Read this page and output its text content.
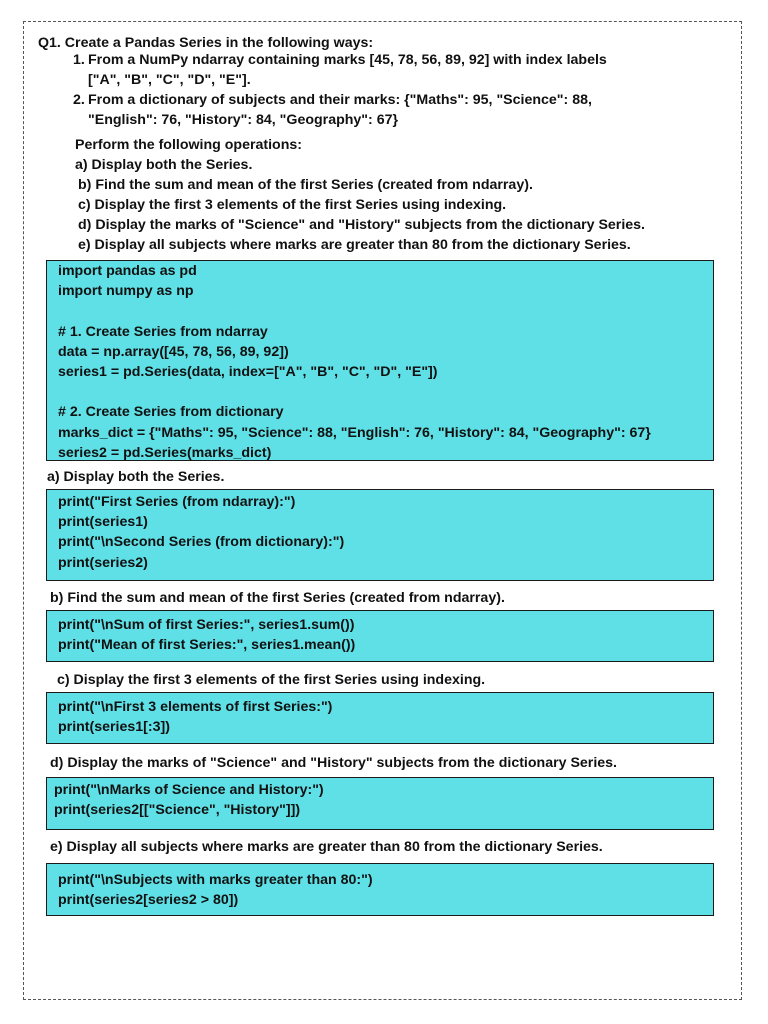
Q1. Create a Pandas Series in the following ways:
1. From a NumPy ndarray containing marks [45, 78, 56, 89, 92] with index labels
["A", "B", "C", "D", "E"].
2. From a dictionary of subjects and their marks: {"Maths": 95, "Science": 88,
"English": 76, "History": 84, "Geography": 67}
Perform the following operations:
a) Display both the Series.
b) Find the sum and mean of the first Series (created from ndarray).
c) Display the first 3 elements of the first Series using indexing.
d) Display the marks of "Science" and "History" subjects from the dictionary Series.
e) Display all subjects where marks are greater than 80 from the dictionary Series.
import pandas as pd
import numpy as np
# 1. Create Series from ndarray
data = np.array([45, 78, 56, 89, 92])
series1 = pd.Series(data, index=["A", "B", "C", "D", "E"])
# 2. Create Series from dictionary
marks_dict = {"Maths": 95, "Science": 88, "English": 76, "History": 84, "Geography": 67}
series2 = pd.Series(marks_dict)
a) Display both the Series.
print("First Series (from ndarray):")
print(series1)
print("\nSecond Series (from dictionary):")
print(series2)
b) Find the sum and mean of the first Series (created from ndarray).
print("\nSum of first Series:", series1.sum())
print("Mean of first Series:", series1.mean())
c) Display the first 3 elements of the first Series using indexing.
print("\nFirst 3 elements of first Series:")
print(series1[:3])
d) Display the marks of "Science" and "History" subjects from the dictionary Series.
print("\nMarks of Science and History:")
print(series2[["Science", "History"]])
e) Display all subjects where marks are greater than 80 from the dictionary Series.
print("\nSubjects with marks greater than 80:")
print(series2[series2 > 80])
